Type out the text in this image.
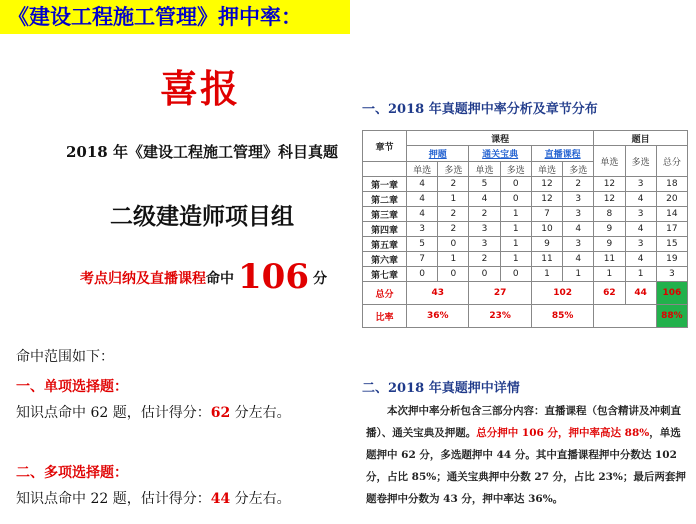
《建设工程施工管理》押中率：
喜报
2018 年《建设工程施工管理》科目真题
二级建造师项目组
考点归纳及直播课程命中 106 分
命中范围如下：
一、单项选择题：
知识点命中 62 题，估计得分：62 分左右。
二、多项选择题：
知识点命中 22 题，估计得分：44 分左右。
一、2018 年真题押中率分析及章节分布
章节	课程						题目		
	押题		通关宝典		直播课程		单选	多选	总分
	单选	多选	单选	多选	单选	多选			
第一章	4	2	5	0	12	2	12	3	18
第二章	4	1	4	0	12	3	12	4	20
第三章	4	2	2	1	7	3	8	3	14
第四章	3	2	3	1	10	4	9	4	17
第五章	5	0	3	1	9	3	9	3	15
第六章	7	1	2	1	11	4	11	4	19
第七章	0	0	0	0	1	1	1	1	3
总分	43		27		102		62	44	106
比率	36%		23%		85%				88%
二、2018 年真题押中详情
本次押中率分析包含三部分内容：直播课程（包含精讲及冲刺直播）、通关宝典及押题。总分押中 106 分，押中率高达 88%，单选题押中 62 分，多选题押中 44 分。其中直播课程押中分数达 102 分，占比 85%；通关宝典押中分数 27 分，占比 23%；最后两套押题卷押中分数为 43 分，押中率达 36%。
